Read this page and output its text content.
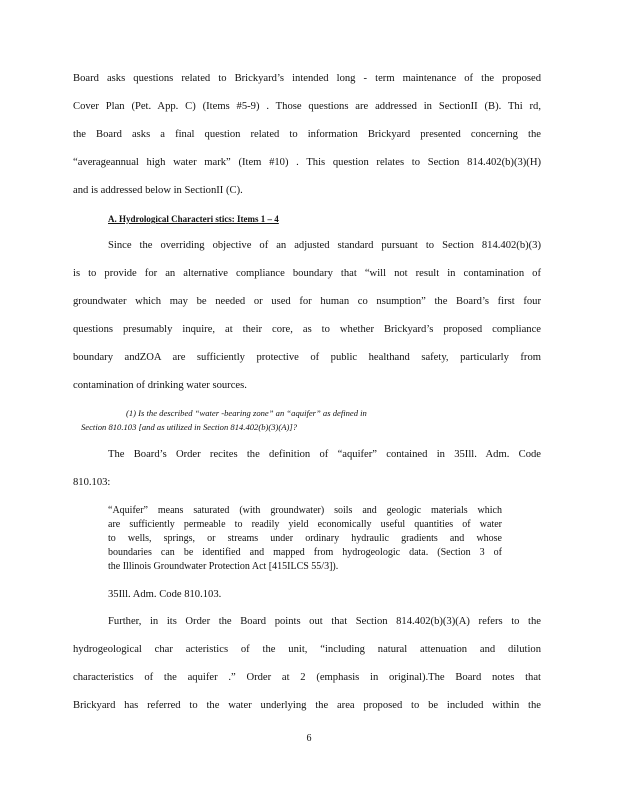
Board asks questions related to Brickyard’s intended long - term maintenance of the proposed
Cover Plan (Pet. App. C) (Items #5-9) . Those questions are addressed in SectionII (B). Thi rd,
the Board asks a final question related to information Brickyard presented concerning the
“averageannual high water mark” (Item #10) . This question relates to Section 814.402(b)(3)(H)
and is addressed below in SectionII (C).
A. Hydrological Characteri stics: Items 1 – 4
Since the overriding objective of an adjusted standard pursuant to Section 814.402(b)(3)
is to provide for an alternative compliance boundary that “will not result in contamination of
groundwater which may be needed or used for human co nsumption” the Board’s first four
questions presumably inquire, at their core, as to whether Brickyard’s proposed compliance
boundary andZOA are sufficiently protective of public healthand safety, particularly from
contamination of drinking water sources.
(1) Is the described “water -bearing zone” an “aquifer” as defined in
Section 810.103 [and as utilized in Section 814.402(b)(3)(A)]?
The Board’s Order recites the definition of “aquifer” contained in 35Ill. Adm. Code
810.103:
“Aquifer” means saturated (with groundwater) soils and geologic materials which
are sufficiently permeable to readily yield economically useful quantities of water
to wells, springs, or streams under ordinary hydraulic gradients and whose
boundaries can be identified and mapped from hydrogeologic data. (Section 3 of
the Illinois Groundwater Protection Act [415ILCS 55/3]).
35Ill. Adm. Code 810.103.
Further, in its Order the Board points out that Section 814.402(b)(3)(A) refers to the
hydrogeological char acteristics of the unit, “including natural attenuation and dilution
characteristics of the aquifer .” Order at 2 (emphasis in original).The Board notes that
Brickyard has referred to the water underlying the area proposed to be included within the
6
